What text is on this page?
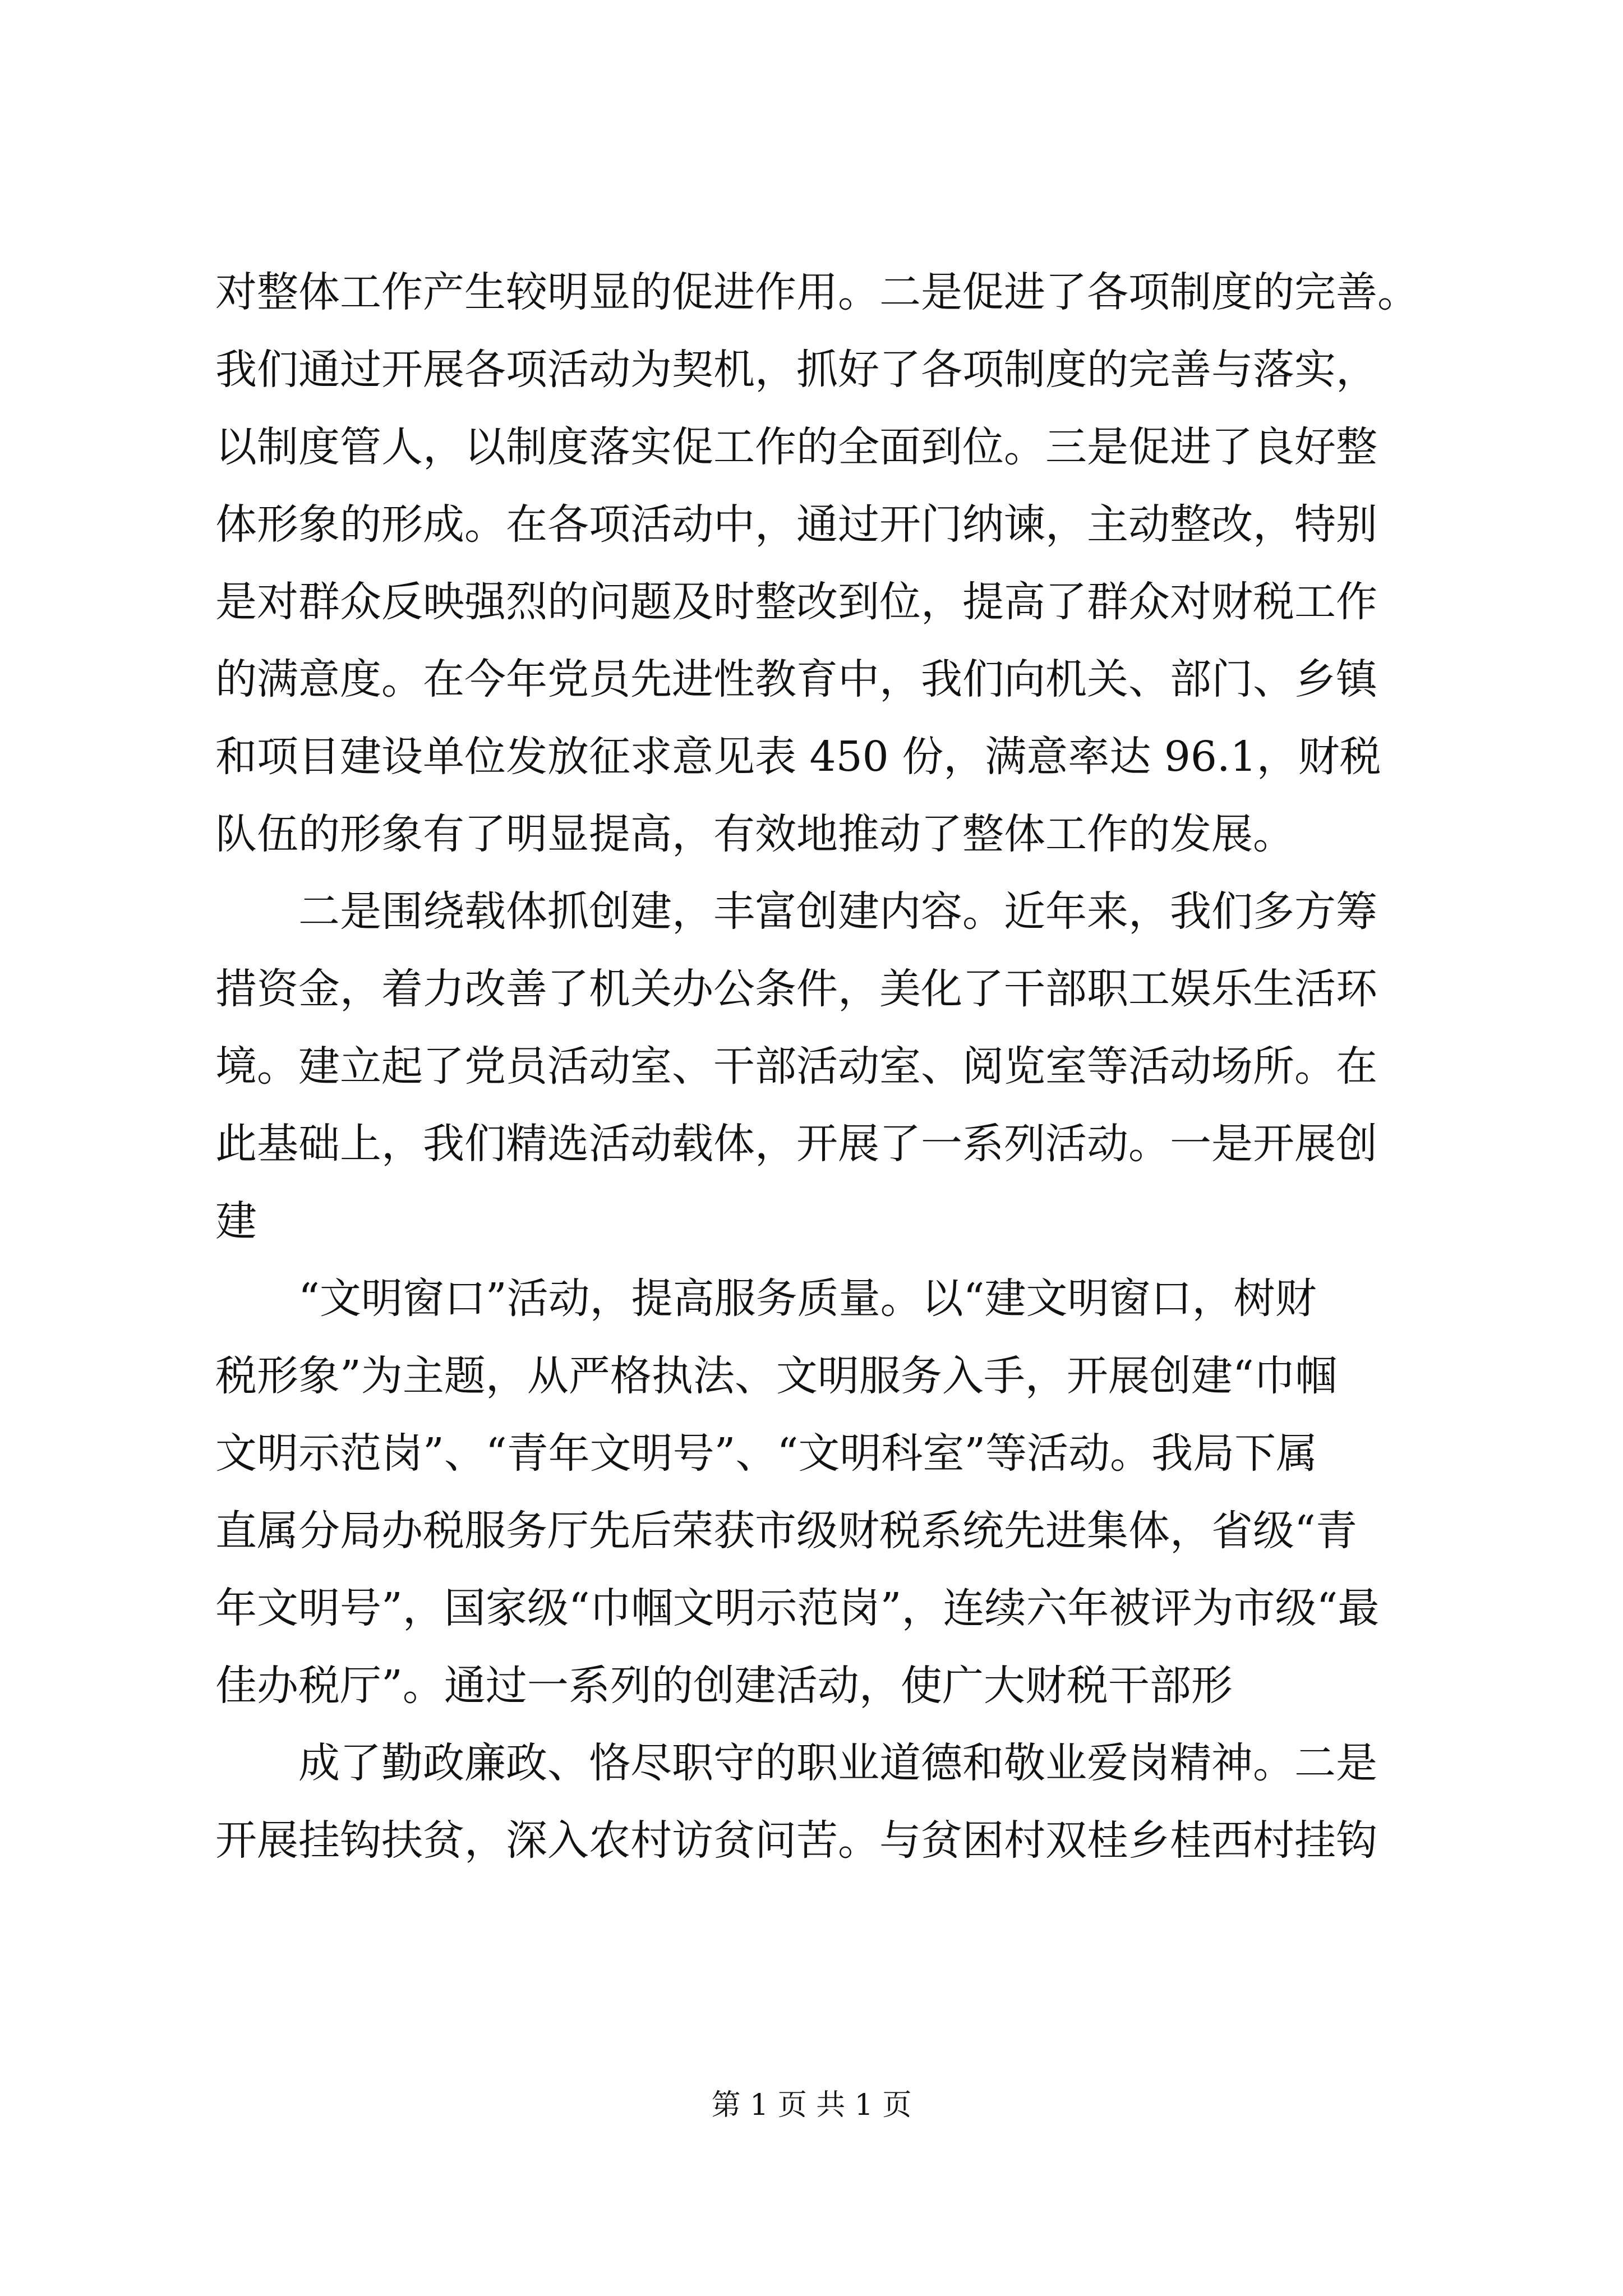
对整体工作产生较明显的促进作用。二是促进了各项制度的完善。
我们通过开展各项活动为契机，抓好了各项制度的完善与落实，
以制度管人，以制度落实促工作的全面到位。三是促进了良好整
体形象的形成。在各项活动中，通过开门纳谏，主动整改，特别
是对群众反映强烈的问题及时整改到位，提高了群众对财税工作
的满意度。在今年党员先进性教育中，我们向机关、部门、乡镇
和项目建设单位发放征求意见表 450 份，满意率达 96.1，财税
队伍的形象有了明显提高，有效地推动了整体工作的发展。
二是围绕载体抓创建，丰富创建内容。近年来，我们多方筹
措资金，着力改善了机关办公条件，美化了干部职工娱乐生活环
境。建立起了党员活动室、干部活动室、阅览室等活动场所。在
此基础上，我们精选活动载体，开展了一系列活动。一是开展创
建
“文明窗口”活动，提高服务质量。以“建文明窗口，树财
税形象”为主题，从严格执法、文明服务入手，开展创建“巾帼
文明示范岗”、“青年文明号”、“文明科室”等活动。我局下属
直属分局办税服务厅先后荣获市级财税系统先进集体，省级“青
年文明号”，国家级“巾帼文明示范岗”，连续六年被评为市级“最
佳办税厅”。通过一系列的创建活动，使广大财税干部形
成了勤政廉政、恪尽职守的职业道德和敬业爱岗精神。二是
开展挂钩扶贫，深入农村访贫问苦。与贫困村双桂乡桂西村挂钩
第 1 页 共 1 页
